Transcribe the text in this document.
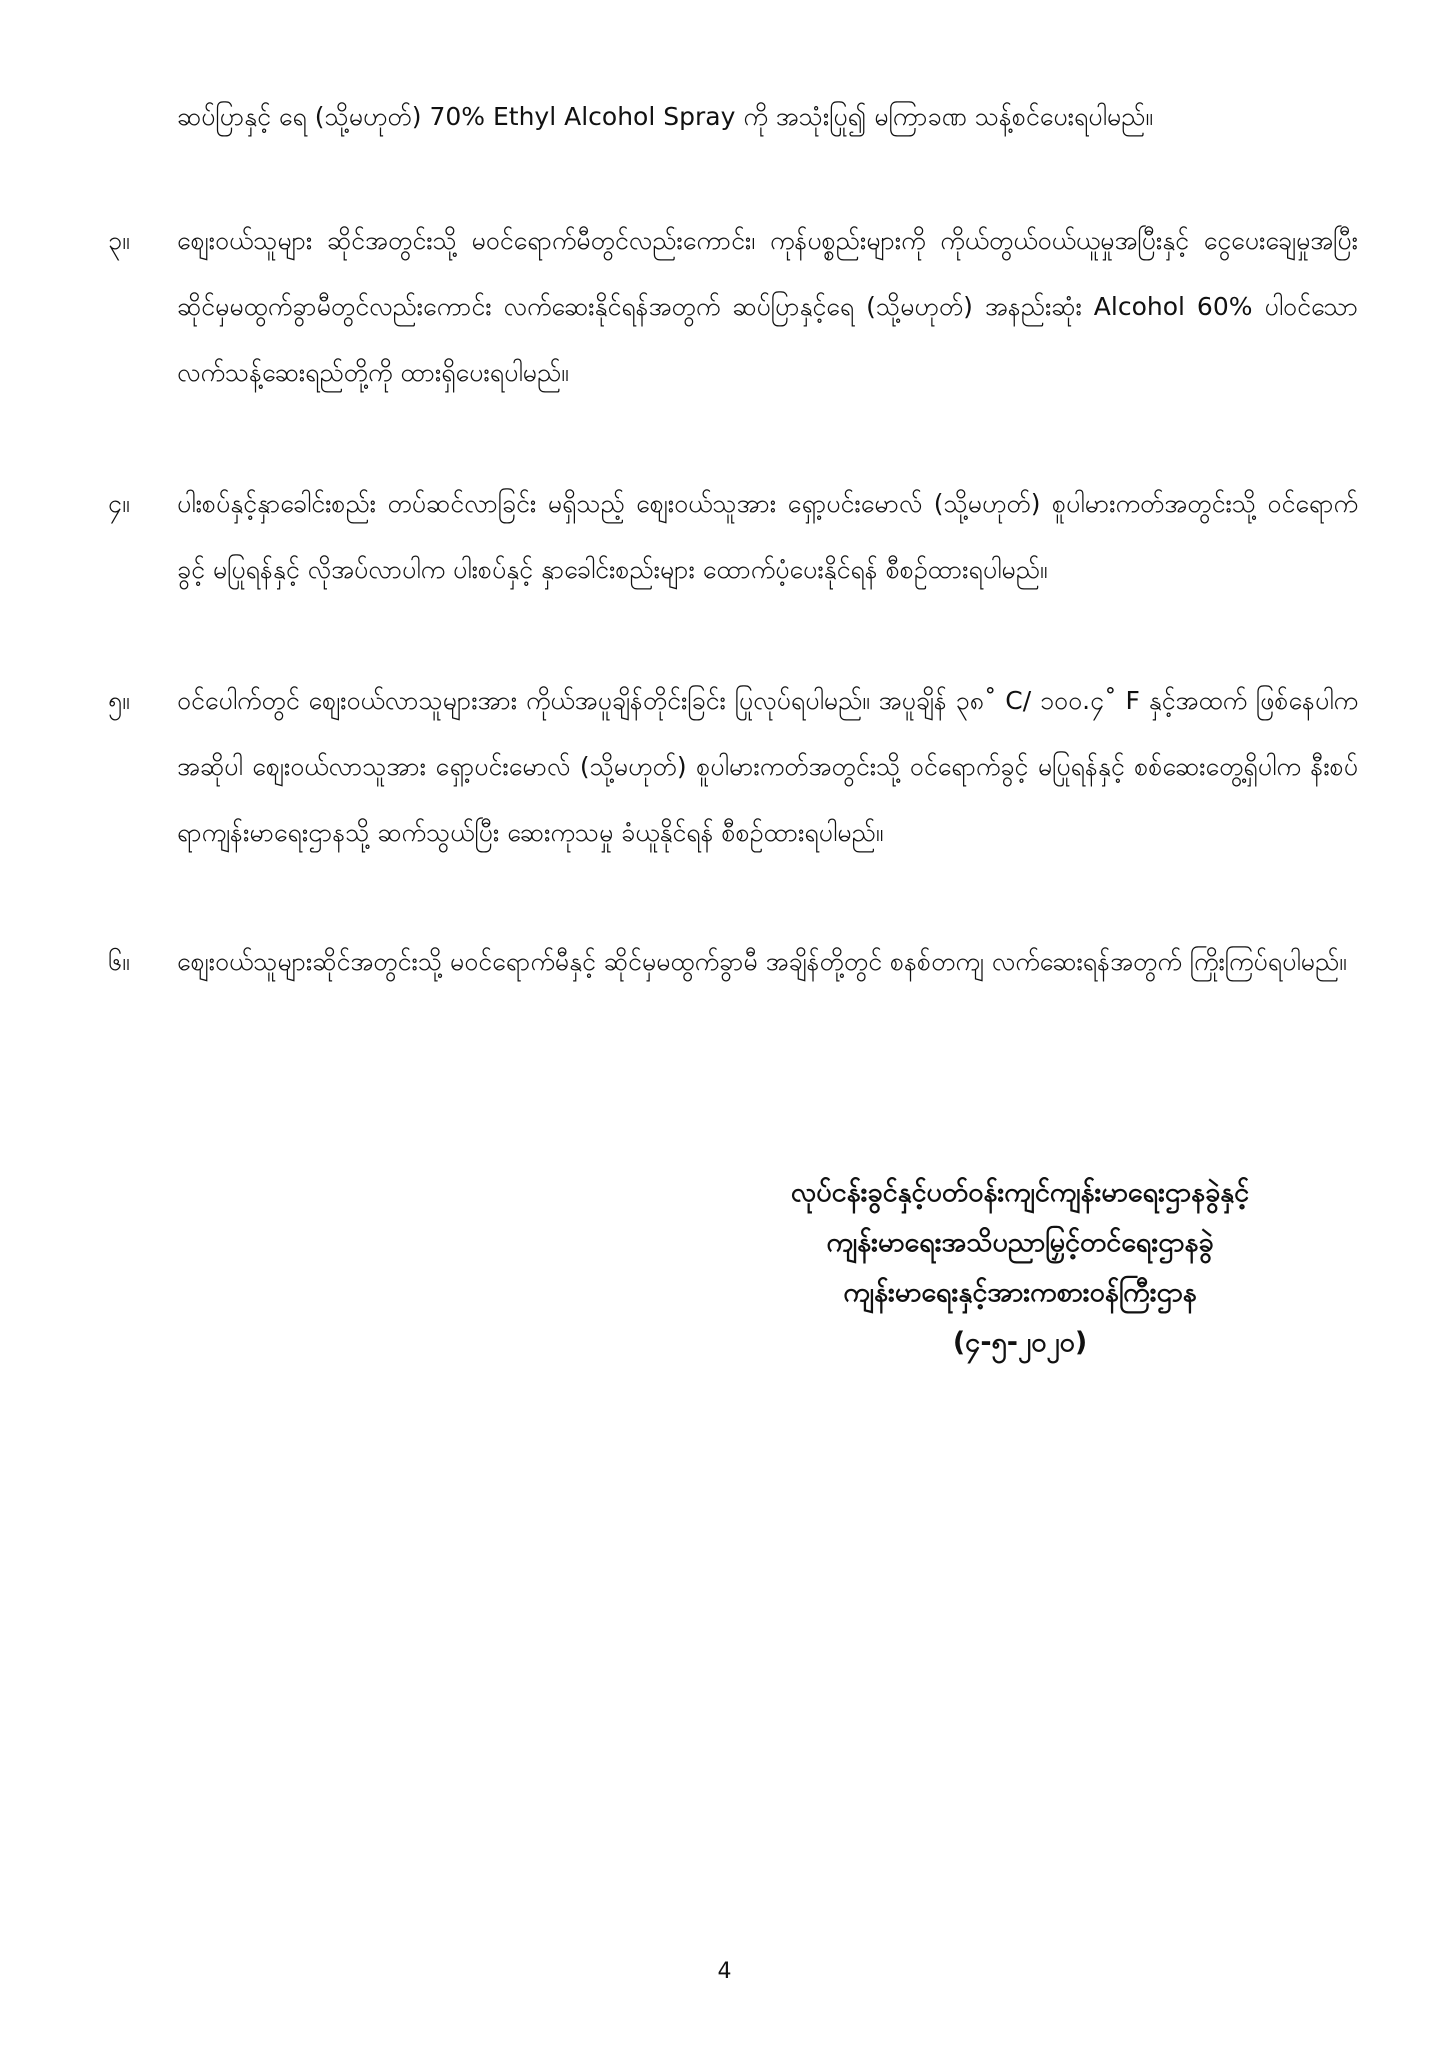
ဆပ်ပြာနှင့် ရေ (သို့မဟုတ်) 70% Ethyl Alcohol Spray ကို အသုံးပြု၍ မကြာခဏ သန့်စင်ပေးရပါမည်။
၃။	စျေးဝယ်သူများ ဆိုင်အတွင်းသို့ မဝင်ရောက်မီတွင်လည်းကောင်း၊ ကုန်ပစ္စည်းများကို ကိုယ်တွယ်ဝယ်ယူမှုအပြီးနှင့် ငွေပေးချေမှုအပြီးဆိုင်မှမထွက်ခွာမီတွင်လည်းကောင်း လက်ဆေးနိုင်ရန်အတွက် ဆပ်ပြာနှင့်ရေ (သို့မဟုတ်) အနည်းဆုံး Alcohol 60% ပါဝင်သော လက်သန့်ဆေးရည်တို့ကို ထားရှိပေးရပါမည်။
၄။	ပါးစပ်နှင့်နှာခေါင်းစည်း တပ်ဆင်လာခြင်း မရှိသည့် စျေးဝယ်သူအား ရှော့ပင်းမောလ် (သို့မဟုတ်) စူပါမားကတ်အတွင်းသို့ ဝင်ရောက်ခွင့် မပြုရန်နှင့် လိုအပ်လာပါက ပါးစပ်နှင့် နှာခေါင်းစည်းများ ထောက်ပံ့ပေးနိုင်ရန် စီစဉ်ထားရပါမည်။
၅။	ဝင်ပေါက်တွင် စျေးဝယ်လာသူများအား ကိုယ်အပူချိန်တိုင်းခြင်း ပြုလုပ်ရပါမည်။ အပူချိန် ၃၈˚ C/ ၁၀၀.၄˚ F နှင့်အထက် ဖြစ်နေပါက အဆိုပါ စျေးဝယ်လာသူအား ရှော့ပင်းမောလ် (သို့မဟုတ်) စူပါမားကတ်အတွင်းသို့ ဝင်ရောက်ခွင့် မပြုရန်နှင့် စစ်ဆေးတွေ့ရှိပါက နီးစပ်ရာကျန်းမာရေးဌာနသို့ ဆက်သွယ်ပြီး ဆေးကုသမှု ခံယူနိုင်ရန် စီစဉ်ထားရပါမည်။
၆။	စျေးဝယ်သူများဆိုင်အတွင်းသို့ မဝင်ရောက်မီနှင့် ဆိုင်မှမထွက်ခွာမီ အချိန်တို့တွင် စနစ်တကျ လက်ဆေးရန်အတွက် ကြိုးကြပ်ရပါမည်။
လုပ်ငန်းခွင်နှင့်ပတ်ဝန်းကျင်ကျန်းမာရေးဌာနခွဲနှင့်
ကျန်းမာရေးအသိပညာမြှင့်တင်ရေးဌာနခွဲ
ကျန်းမာရေးနှင့်အားကစားဝန်ကြီးဌာန
(၄-၅-၂၀၂၀)
4
